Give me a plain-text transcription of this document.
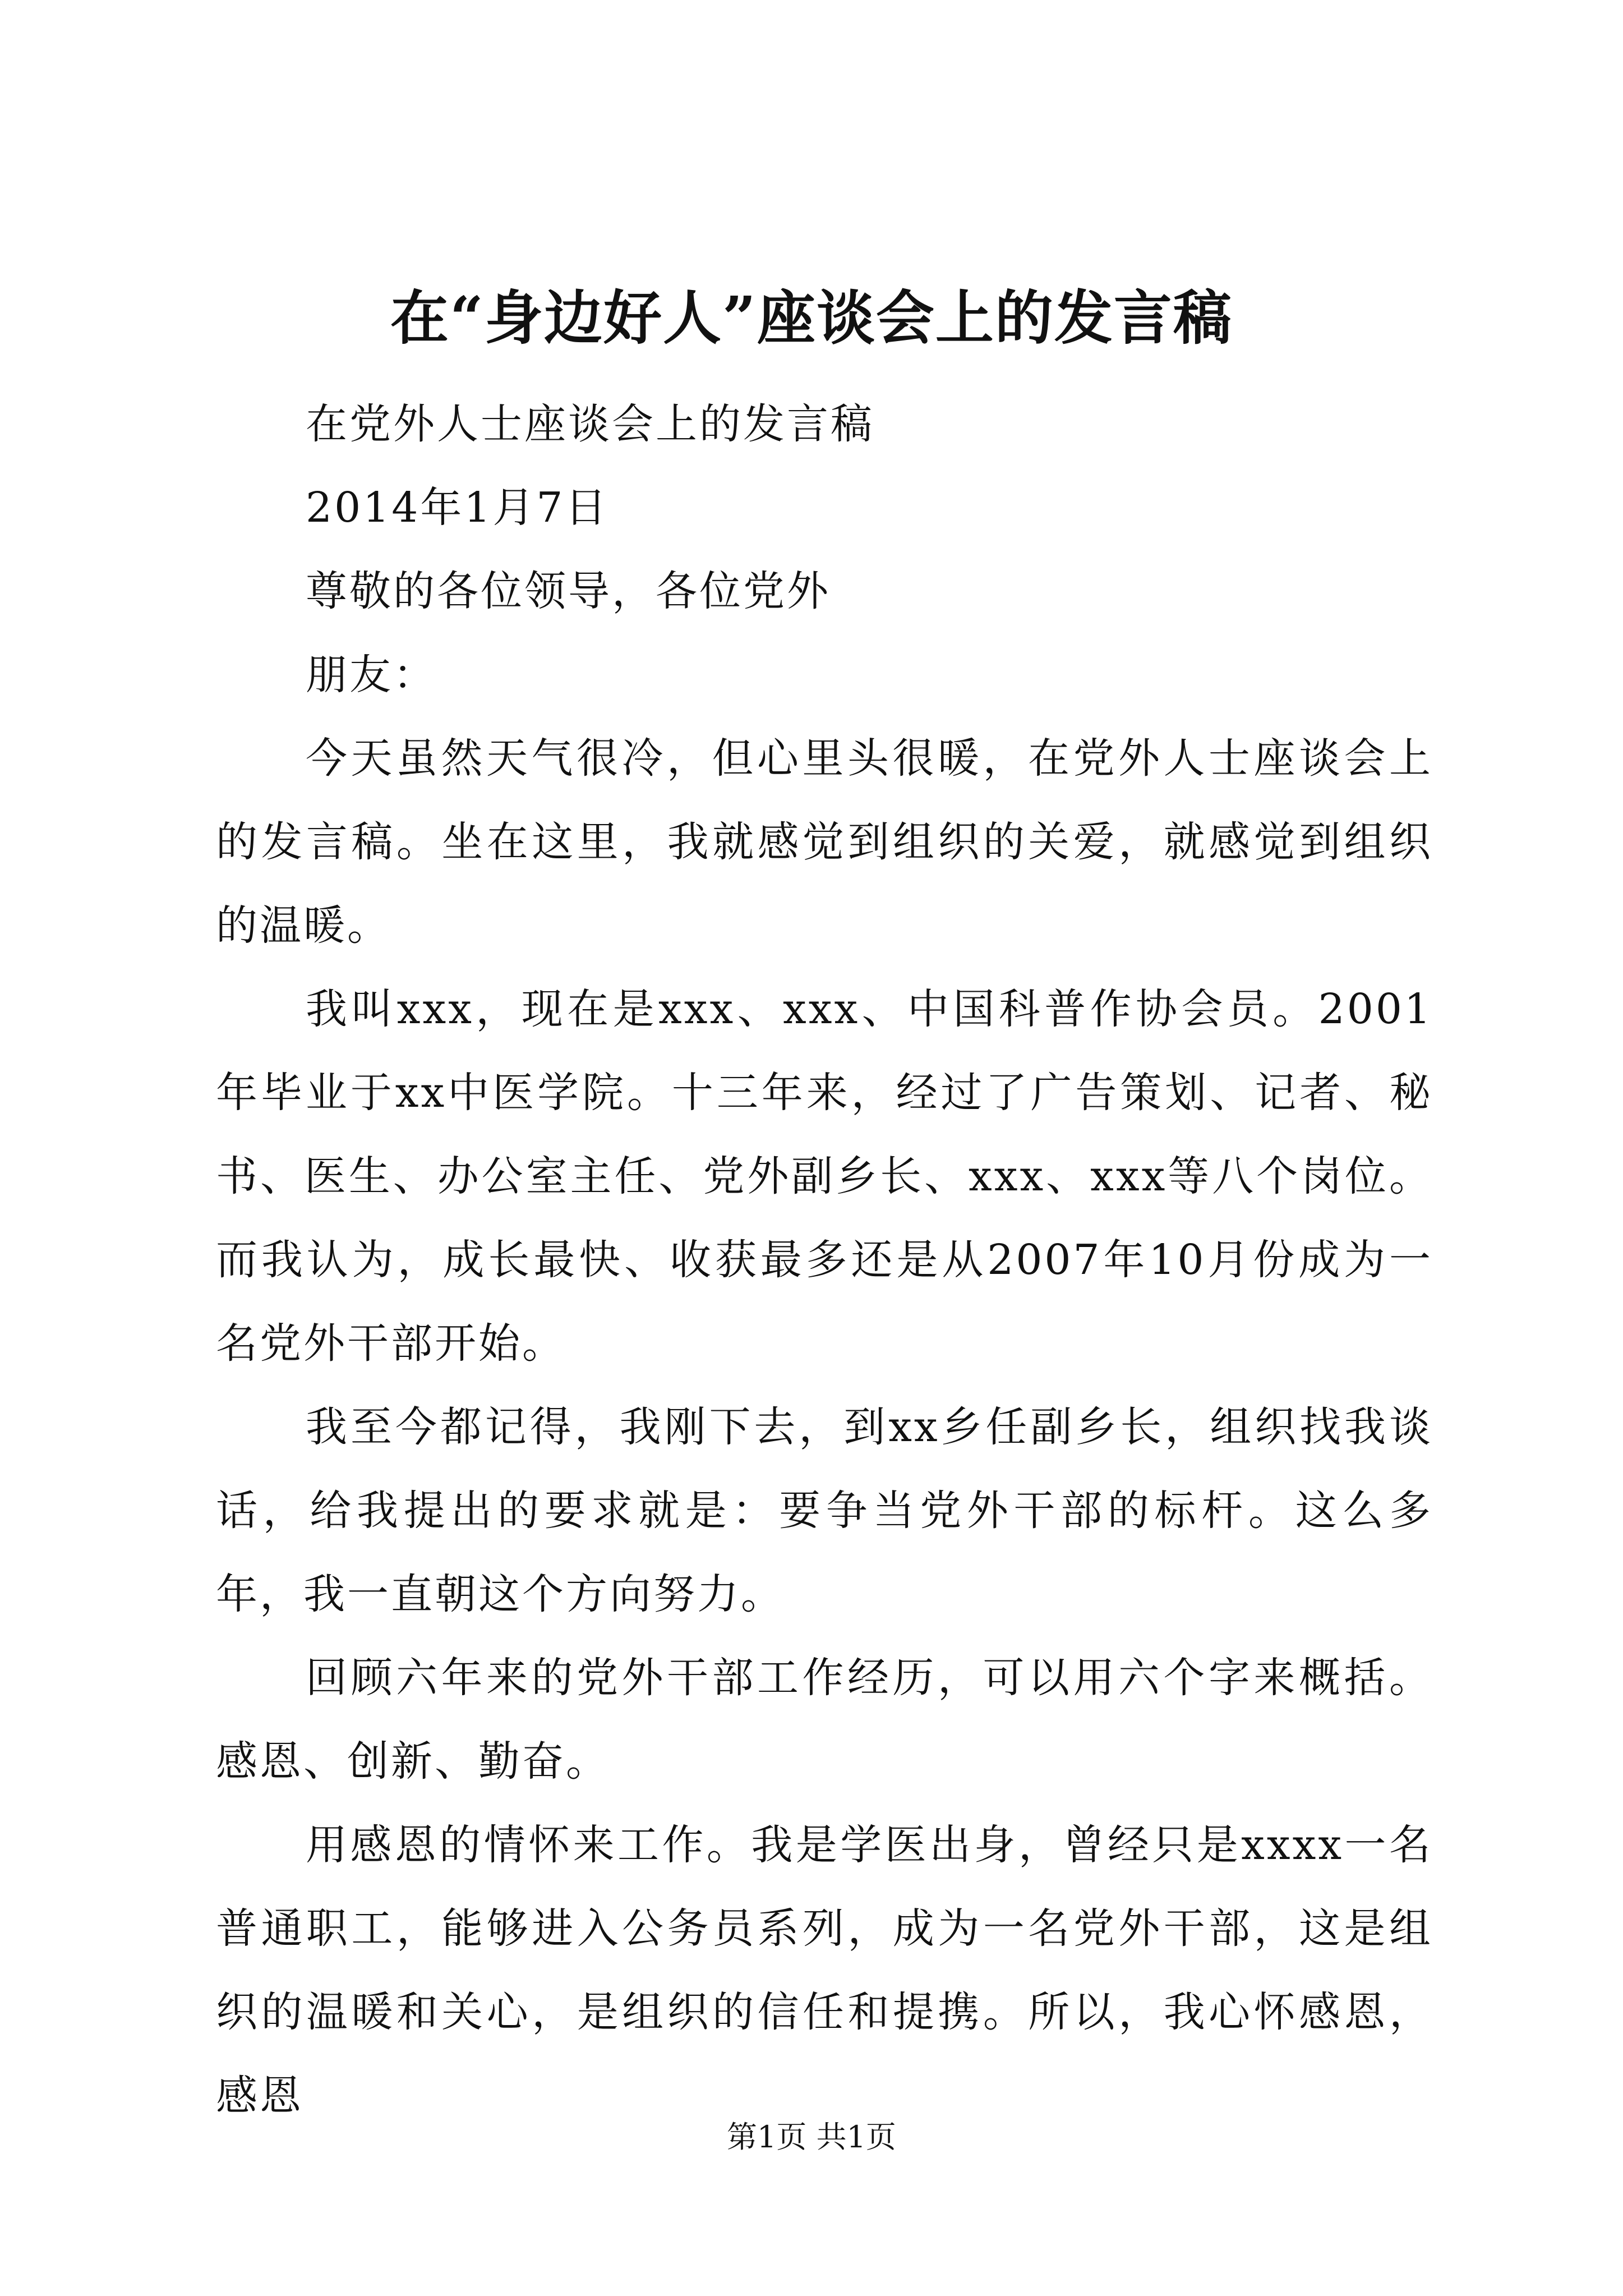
在“身边好人”座谈会上的发言稿

在党外人士座谈会上的发言稿

2014年1月7日

尊敬的各位领导，各位党外

朋友：

今天虽然天气很冷，但心里头很暖，在党外人士座谈会上的发言稿。坐在这里，我就感觉到组织的关爱，就感觉到组织的温暖。

我叫xxx，现在是xxx、xxx、中国科普作协会员。2001年毕业于xx中医学院。十三年来，经过了广告策划、记者、秘书、医生、办公室主任、党外副乡长、xxx、xxx等八个岗位。而我认为，成长最快、收获最多还是从2007年10月份成为一名党外干部开始。

我至今都记得，我刚下去，到xx乡任副乡长，组织找我谈话，给我提出的要求就是：要争当党外干部的标杆。这么多年，我一直朝这个方向努力。

回顾六年来的党外干部工作经历，可以用六个字来概括。感恩、创新、勤奋。

用感恩的情怀来工作。我是学医出身，曾经只是xxxx一名普通职工，能够进入公务员系列，成为一名党外干部，这是组织的温暖和关心，是组织的信任和提携。所以，我心怀感恩，感恩

第1页 共1页
